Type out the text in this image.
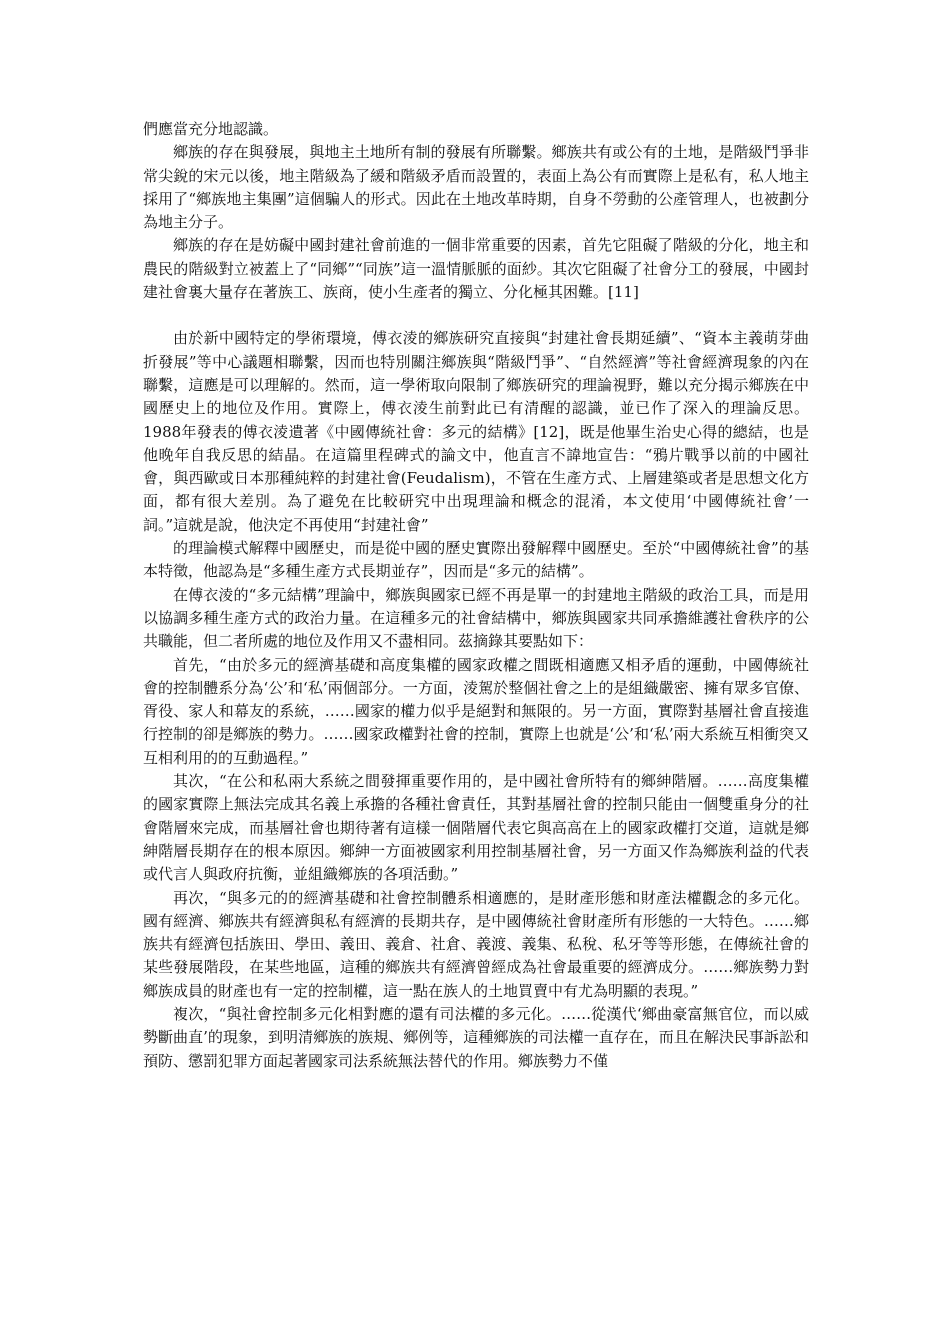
們應當充分地認識。

鄉族的存在與發展，與地主土地所有制的發展有所聯繫。鄉族共有或公有的土地，是階級鬥爭非常尖銳的宋元以後，地主階級為了緩和階級矛盾而設置的，表面上為公有而實際上是私有，私人地主採用了“鄉族地主集團”這個騙人的形式。因此在土地改革時期，自身不勞動的公產管理人，也被劃分為地主分子。

鄉族的存在是妨礙中國封建社會前進的一個非常重要的因素，首先它阻礙了階級的分化，地主和農民的階級對立被蓋上了“同鄉”“同族”這一溫情脈脈的面紗。其次它阻礙了社會分工的發展，中國封建社會裏大量存在著族工、族商，使小生產者的獨立、分化極其困難。[11]

由於新中國特定的學術環境，傅衣淩的鄉族研究直接與“封建社會長期延續”、“資本主義萌芽曲折發展”等中心議題相聯繫，因而也特別關注鄉族與“階級鬥爭”、“自然經濟”等社會經濟現象的內在聯繫，這應是可以理解的。然而，這一學術取向限制了鄉族研究的理論視野，難以充分揭示鄉族在中國歷史上的地位及作用。實際上，傅衣淩生前對此已有清醒的認識，並已作了深入的理論反思。1988年發表的傅衣淩遺著《中國傳統社會：多元的結構》[12]，既是他畢生治史心得的總結，也是他晚年自我反思的結晶。在這篇里程碑式的論文中，他直言不諱地宣告：“鴉片戰爭以前的中國社會，與西歐或日本那種純粹的封建社會(Feudalism)，不管在生產方式、上層建築或者是思想文化方面，都有很大差別。為了避免在比較研究中出現理論和概念的混淆，本文使用‘中國傳統社會’一詞。”這就是說，他決定不再使用“封建社會”

的理論模式解釋中國歷史，而是從中國的歷史實際出發解釋中國歷史。至於“中國傳統社會”的基本特徵，他認為是“多種生產方式長期並存”，因而是“多元的結構”。

在傅衣淩的“多元結構”理論中，鄉族與國家已經不再是單一的封建地主階級的政治工具，而是用以協調多種生產方式的政治力量。在這種多元的社會結構中，鄉族與國家共同承擔維護社會秩序的公共職能，但二者所處的地位及作用又不盡相同。茲摘錄其要點如下：

首先，“由於多元的經濟基礎和高度集權的國家政權之間既相適應又相矛盾的運動，中國傳統社會的控制體系分為‘公’和‘私’兩個部分。一方面，淩駕於整個社會之上的是組織嚴密、擁有眾多官僚、胥役、家人和幕友的系統，……國家的權力似乎是絕對和無限的。另一方面，實際對基層社會直接進行控制的卻是鄉族的勢力。……國家政權對社會的控制，實際上也就是‘公’和‘私’兩大系統互相衝突又互相利用的的互動過程。”

其次，“在公和私兩大系統之間發揮重要作用的，是中國社會所特有的鄉紳階層。……高度集權的國家實際上無法完成其名義上承擔的各種社會責任，其對基層社會的控制只能由一個雙重身分的社會階層來完成，而基層社會也期待著有這樣一個階層代表它與高高在上的國家政權打交道，這就是鄉紳階層長期存在的根本原因。鄉紳一方面被國家利用控制基層社會，另一方面又作為鄉族利益的代表或代言人與政府抗衡，並組織鄉族的各項活動。”

再次，“與多元的的經濟基礎和社會控制體系相適應的，是財產形態和財產法權觀念的多元化。國有經濟、鄉族共有經濟與私有經濟的長期共存，是中國傳統社會財產所有形態的一大特色。……鄉族共有經濟包括族田、學田、義田、義倉、社倉、義渡、義集、私稅、私牙等等形態，在傳統社會的某些發展階段，在某些地區，這種的鄉族共有經濟曾經成為社會最重要的經濟成分。……鄉族勢力對鄉族成員的財產也有一定的控制權，這一點在族人的土地買賣中有尤為明顯的表現。”

複次，“與社會控制多元化相對應的還有司法權的多元化。……從漢代‘鄉曲豪富無官位，而以威勢斷曲直’的現象，到明清鄉族的族規、鄉例等，這種鄉族的司法權一直存在，而且在解決民事訴訟和預防、懲罰犯罪方面起著國家司法系統無法替代的作用。鄉族勢力不僅
